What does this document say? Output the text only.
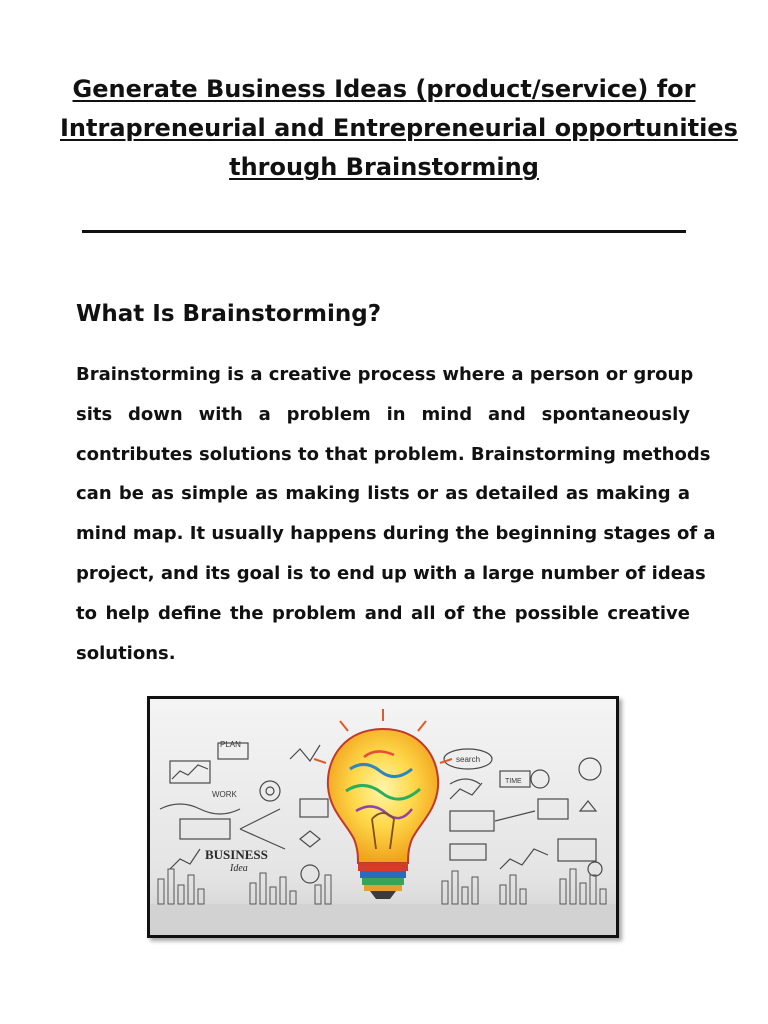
Generate Business Ideas (product/service) for
Intrapreneurial and Entrepreneurial opportunities
through Brainstorming
What Is Brainstorming?

Brainstorming is a creative process where a person or group

sits down with a problem in mind and spontaneously

contributes solutions to that problem. Brainstorming methods

can be as simple as making lists or as detailed as making a

mind map. It usually happens during the beginning stages of a

project, and its goal is to end up with a large number of ideas

to help define the problem and all of the possible creative

solutions.

PLAN
WORK
BUSINESS
Idea
search
TIME
